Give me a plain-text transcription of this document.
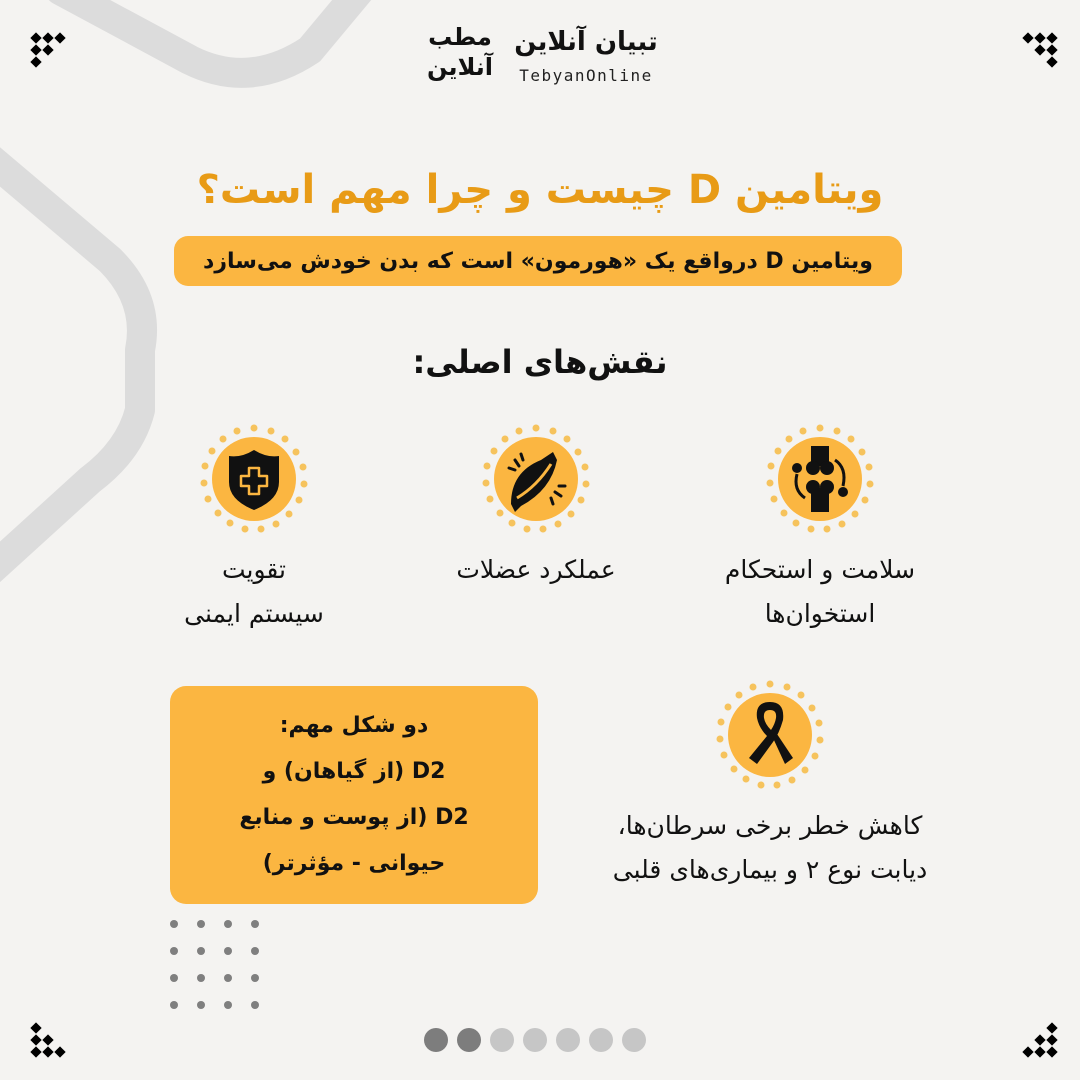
مطب
آنلاین
تبیان آنلاین
TebyanOnline
ویتامین D چیست و چرا مهم است؟
ویتامین D درواقع یک «هورمون» است که بدن خودش می‌سازد
نقش‌های اصلی:
سلامت و استحکام
استخوان‌ها
عملکرد عضلات
تقویت
سیستم ایمنی
کاهش خطر برخی سرطان‌ها،
دیابت نوع ۲ و بیماری‌های قلبی
دو شکل مهم:
D2 (از گیاهان) و
D2 (از پوست و منابع
حیوانی - مؤثرتر)
